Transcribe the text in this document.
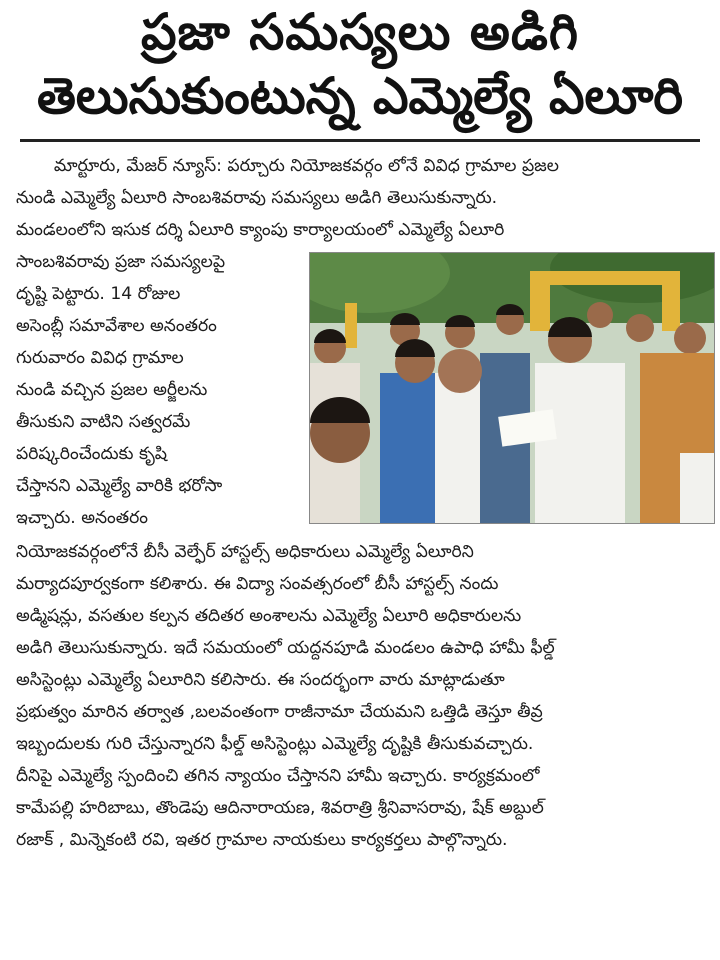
ప్రజా సమస్యలు అడిగి
తెలుసుకుంటున్న ఎమ్మెల్యే ఏలూరి
మార్టూరు, మేజర్ న్యూస్: పర్చూరు నియోజకవర్గం లోనే వివిధ గ్రామాల ప్రజల
నుండి ఎమ్మెల్యే ఏలూరి సాంబశివరావు సమస్యలు అడిగి తెలుసుకున్నారు.
మండలంలోని ఇసుక దర్శి ఏలూరి క్యాంపు కార్యాలయంలో ఎమ్మెల్యే ఏలూరి
సాంబశివరావు ప్రజా సమస్యలపై
దృష్టి పెట్టారు. 14 రోజుల
అసెంబ్లీ సమావేశాల అనంతరం
గురువారం వివిధ గ్రామాల
నుండి వచ్చిన ప్రజల అర్జీలను
తీసుకుని వాటిని సత్వరమే
పరిష్కరించేందుకు కృషి
చేస్తానని ఎమ్మెల్యే వారికి భరోసా
ఇచ్చారు. అనంతరం
నియోజకవర్గంలోనే బీసీ వెల్ఫేర్ హాస్టల్స్ అధికారులు ఎమ్మెల్యే ఏలూరిని
మర్యాదపూర్వకంగా కలిశారు. ఈ విద్యా సంవత్సరంలో బీసీ హాస్టల్స్ నందు
అడ్మిషన్లు, వసతుల కల్పన తదితర అంశాలను ఎమ్మెల్యే ఏలూరి అధికారులను
అడిగి తెలుసుకున్నారు. ఇదే సమయంలో యద్దనపూడి మండలం ఉపాధి హామీ ఫీల్డ్
అసిస్టెంట్లు ఎమ్మెల్యే ఏలూరిని కలిసారు. ఈ సందర్భంగా వారు మాట్లాడుతూ
ప్రభుత్వం మారిన తర్వాత ,బలవంతంగా రాజీనామా చేయమని ఒత్తిడి తెస్తూ తీవ్ర
ఇబ్బందులకు గురి చేస్తున్నారని ఫీల్డ్ అసిస్టెంట్లు ఎమ్మెల్యే దృష్టికి తీసుకువచ్చారు.
దీనిపై ఎమ్మెల్యే స్పందించి తగిన న్యాయం చేస్తానని హామీ ఇచ్చారు. కార్యక్రమంలో
కామేపల్లి హరిబాబు, తొండెపు ఆదినారాయణ, శివరాత్రి శ్రీనివాసరావు, షేక్ అబ్దుల్
రజాక్ , మిన్నెకంటి రవి, ఇతర గ్రామాల నాయకులు కార్యకర్తలు పాల్గొన్నారు.
